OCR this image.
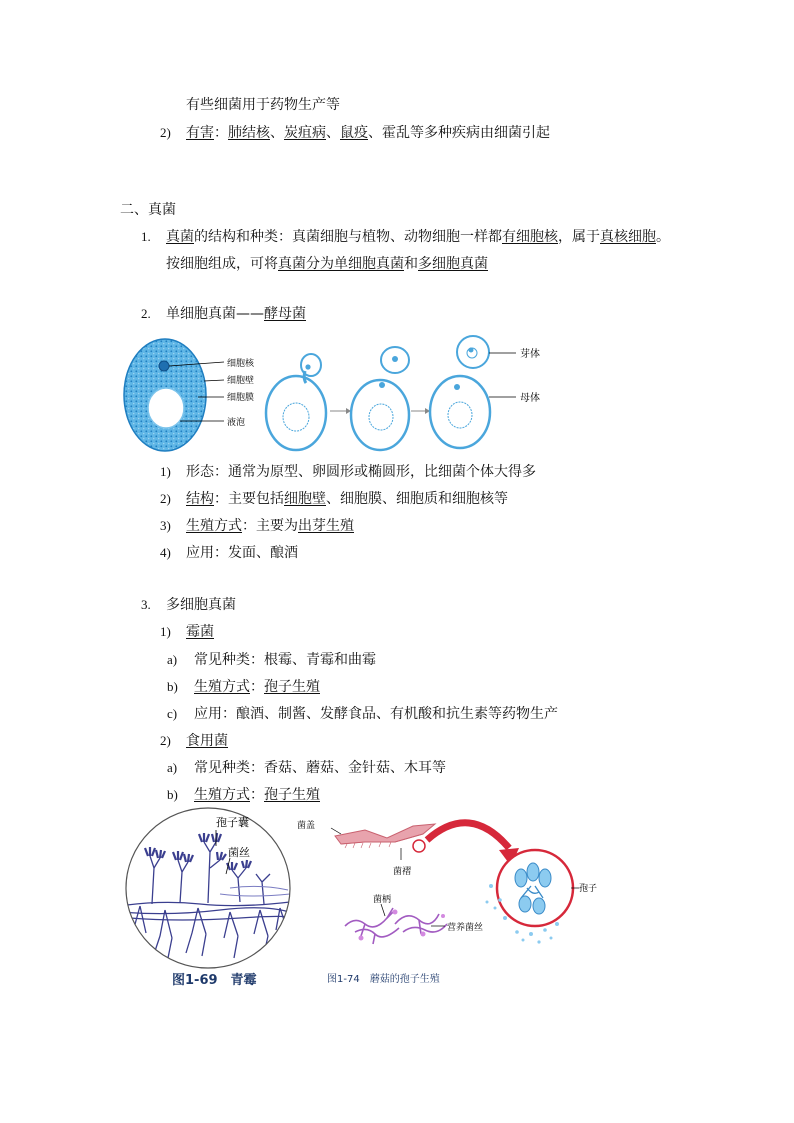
有些细菌用于药物生产等
2) 有害：肺结核、炭疽病、鼠疫、霍乱等多种疾病由细菌引起
二、真菌
1. 真菌的结构和种类：真菌细胞与植物、动物细胞一样都有细胞核，属于真核细胞。
按细胞组成，可将真菌分为单细胞真菌和多细胞真菌
2. 单细胞真菌——酵母菌
细胞核
细胞壁
细胞膜
液泡
芽体
母体
1) 形态：通常为原型、卵圆形或椭圆形，比细菌个体大得多
2) 结构：主要包括细胞壁、细胞膜、细胞质和细胞核等
3) 生殖方式：主要为出芽生殖
4) 应用：发面、酿酒
3. 多细胞真菌
1) 霉菌
a) 常见种类：根霉、青霉和曲霉
b) 生殖方式：孢子生殖
c) 应用：酿酒、制酱、发酵食品、有机酸和抗生素等药物生产
2) 食用菌
a) 常见种类：香菇、蘑菇、金针菇、木耳等
b) 生殖方式：孢子生殖
孢子囊
菌丝
图1-69　青霉
菌盖
菌褶
孢子
菌柄
营养菌丝
图1-74　蘑菇的孢子生殖
